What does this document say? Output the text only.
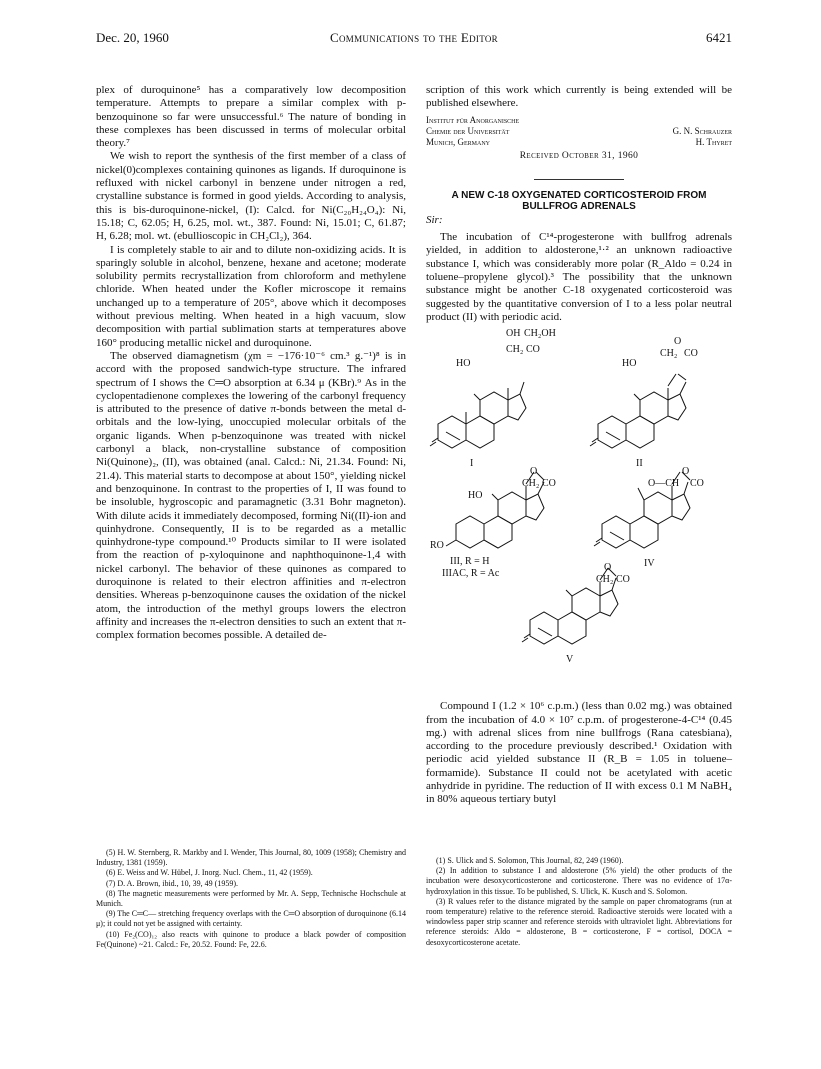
Dec. 20, 1960	Communications to the Editor	6421

plex of duroquinone⁵ has a comparatively low decomposition temperature. Attempts to prepare a similar complex with p-benzoquinone so far were unsuccessful.⁶ The nature of bonding in these complexes has been discussed in terms of molecular orbital theory.⁷

We wish to report the synthesis of the first member of a class of nickel(0)complexes containing quinones as ligands. If duroquinone is refluxed with nickel carbonyl in benzene under nitrogen a red, crystalline substance is formed in good yields. According to analysis, this is bis-duroquinone-nickel, (I): Calcd. for Ni(C₂₀H₂₄O₄): Ni, 15.18; C, 62.05; H, 6.25, mol. wt., 387. Found: Ni, 15.01; C, 61.87; H, 6.28; mol. wt. (ebullioscopic in CH₂Cl₂), 364.

I is completely stable to air and to dilute non-oxidizing acids. It is sparingly soluble in alcohol, benzene, hexane and acetone; moderate solubility permits recrystallization from chloroform and methylene chloride. When heated under the Kofler microscope it remains unchanged up to a temperature of 205°, above which it decomposes without previous melting. When heated in a high vacuum, slow decomposition with partial sublimation starts at temperatures above 160° producing metallic nickel and duroquinone.

The observed diamagnetism (χm = −176·10⁻⁶ cm.³ g.⁻¹)⁸ is in accord with the proposed sandwich-type structure. The infrared spectrum of I shows the C═O absorption at 6.34 μ (KBr).⁹ As in the cyclopentadienone complexes the lowering of the carbonyl frequency is attributed to the presence of dative π-bonds between the metal d-orbitals and the low-lying, unoccupied molecular orbitals of the organic ligands. When p-benzoquinone was treated with nickel carbonyl a black, non-crystalline substance of composition Ni(Quinone)₂, (II), was obtained (anal. Calcd.: Ni, 21.34. Found: Ni, 21.4). This material starts to decompose at about 150°, yielding nickel and benzoquinone. In contrast to the properties of I, II was found to be insoluble, hygroscopic and paramagnetic (3.31 Bohr magneton). With dilute acids it immediately decomposed, forming Ni((II)-ion and quinhydrone. Consequently, II is to be regarded as a metallic quinhydrone-type compound.¹⁰ Products similar to II were isolated from the reaction of p-xyloquinone and naphthoquinone-1,4 with nickel carbonyl. The behavior of these quinones as compared to duroquinone is related to their electron affinities and π-electron densities. Whereas p-benzoquinone causes the oxidation of the nickel atom, the introduction of the methyl groups lowers the electron affinity and increases the π-electron densities to such an extent that π-complex formation becomes possible. A detailed de-

scription of this work which currently is being extended will be published elsewhere.

Institut für Anorganische
Chemie der Universität
Munich, Germany
G. N. Schrauzer
H. Thyret
Received October 31, 1960
A NEW C-18 OXYGENATED CORTICOSTEROID FROM BULLFROG ADRENALS
Sir:

The incubation of C¹⁴-progesterone with bullfrog adrenals yielded, in addition to aldosterone,¹·² an unknown radioactive substance I, which was considerably more polar (R_Aldo = 0.24 in toluene–propylene glycol).³ The possibility that the unknown substance might be another C-18 oxygenated corticosteroid was suggested by the quantitative conversion of I to a less polar neutral product (II) with periodic acid.

OH CH₂OH
CH₂ CO
HO
I
O
CH₂ CO
HO
II
O
CH₂ CO
HO
RO
III, R = H
IIIAC, R = Ac
O
O—CH CO
IV
O
CH₂ CO
V

Compound I (1.2 × 10⁶ c.p.m.) (less than 0.02 mg.) was obtained from the incubation of 4.0 × 10⁷ c.p.m. of progesterone-4-C¹⁴ (0.45 mg.) with adrenal slices from nine bullfrogs (Rana catesbiana), according to the procedure previously described.¹ Oxidation with periodic acid yielded substance II (R_B = 1.05 in toluene–formamide). Substance II could not be acetylated with acetic anhydride in pyridine. The reduction of II with excess 0.1 M NaBH₄ in 80% aqueous tertiary butyl

(5) H. W. Sternberg, R. Markby and I. Wender, This Journal, 80, 1009 (1958); Chemistry and Industry, 1381 (1959).

(6) E. Weiss and W. Hübel, J. Inorg. Nucl. Chem., 11, 42 (1959).

(7) D. A. Brown, ibid., 10, 39, 49 (1959).

(8) The magnetic measurements were performed by Mr. A. Sepp, Technische Hochschule at Munich.

(9) The C═C— stretching frequency overlaps with the C═O absorption of duroquinone (6.14 μ); it could not yet be assigned with certainty.

(10) Fe₂(CO)₁₂ also reacts with quinone to produce a black powder of composition Fe(Quinone) ~21. Calcd.: Fe, 20.52. Found: Fe, 22.6.

(1) S. Ulick and S. Solomon, This Journal, 82, 249 (1960).

(2) In addition to substance I and aldosterone (5% yield) the other products of the incubation were desoxycorticosterone and corticosterone. There was no evidence of 17α-hydroxylation in this tissue. To be published, S. Ulick, K. Kusch and S. Solomon.

(3) R values refer to the distance migrated by the sample on paper chromatograms (run at room temperature) relative to the reference steroid. Radioactive steroids were located with a windowless paper strip scanner and reference steroids with ultraviolet light. Abbreviations for reference steroids: Aldo = aldosterone, B = corticosterone, F = cortisol, DOCA = desoxycorticosterone acetate.
